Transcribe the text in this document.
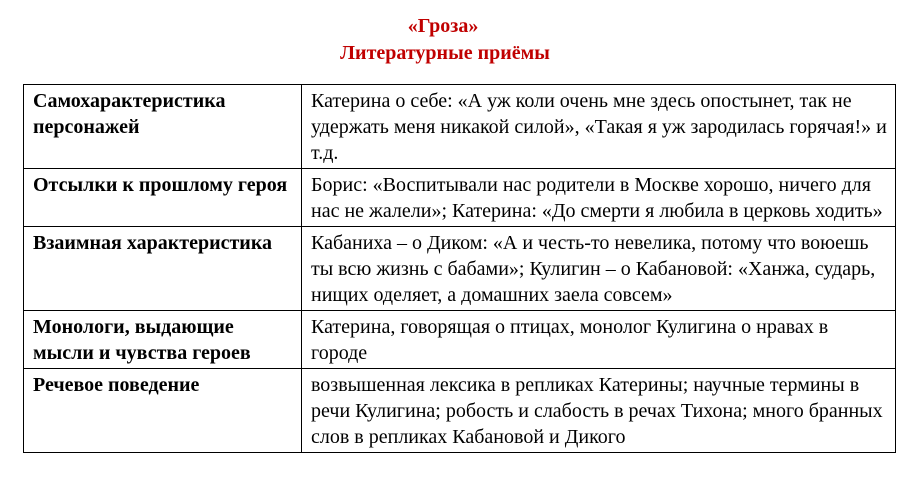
«Гроза»
Литературные приёмы
Самохарактеристика персонажей	Катерина о себе: «А уж коли очень мне здесь опостынет, так не удержать меня никакой силой», «Такая я уж зародилась горячая!» и т.д.
Отсылки к прошлому героя	Борис: «Воспитывали нас родители в Москве хорошо, ничего для нас не жалели»; Катерина: «До смерти я любила в церковь ходить»
Взаимная характеристика	Кабаниха – о Диком: «А и честь-то невелика, потому что воюешь ты всю жизнь с бабами»; Кулигин – о Кабановой: «Ханжа, сударь, нищих оделяет, а домашних заела совсем»
Монологи, выдающие мысли и чувства героев	Катерина, говорящая о птицах, монолог Кулигина о нравах в городе
Речевое поведение	возвышенная лексика в репликах Катерины; научные термины в речи Кулигина; робость и слабость в речах Тихона; много бранных слов в репликах Кабановой и Дикого
